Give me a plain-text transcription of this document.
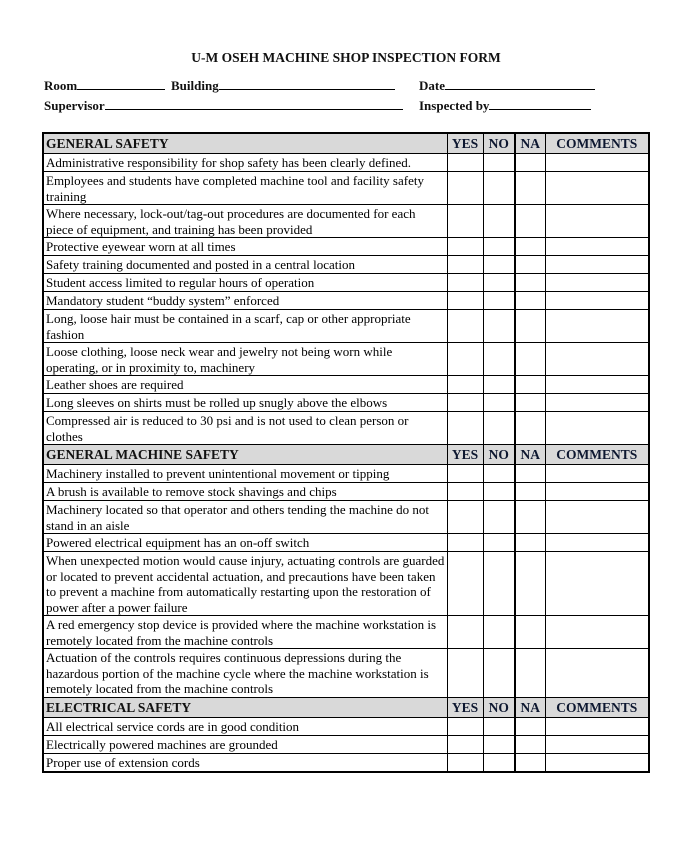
U-M OSEH MACHINE SHOP INSPECTION FORM
Room	Building	Date
Supervisor	Inspected by
GENERAL SAFETY	YES	NO	NA	COMMENTS
Administrative responsibility for shop safety has been clearly defined.				
Employees and students have completed machine tool and facility safety training				
Where necessary, lock-out/tag-out procedures are documented for each piece of equipment, and training has been provided				
Protective eyewear worn at all times				
Safety training documented and posted in a central location				
Student access limited to regular hours of operation				
Mandatory student “buddy system” enforced				
Long, loose hair must be contained in a scarf, cap or other appropriate fashion				
Loose clothing, loose neck wear and jewelry not being worn while operating, or in proximity to, machinery				
Leather shoes are required				
Long sleeves on shirts must be rolled up snugly above the elbows				
Compressed air is reduced to 30 psi and is not used to clean person or clothes				
GENERAL MACHINE SAFETY	YES	NO	NA	COMMENTS
Machinery installed to prevent unintentional movement or tipping				
A brush is available to remove stock shavings and chips				
Machinery located so that operator and others tending the machine do not stand in an aisle				
Powered electrical equipment has an on-off switch				
When unexpected motion would cause injury, actuating controls are guarded or located to prevent accidental actuation, and precautions have been taken to prevent a machine from automatically restarting upon the restoration of power after a power failure				
A red emergency stop device is provided where the machine workstation is remotely located from the machine controls				
Actuation of the controls requires continuous depressions during the hazardous portion of the machine cycle where the machine workstation is remotely located from the machine controls				
ELECTRICAL SAFETY	YES	NO	NA	COMMENTS
All electrical service cords are in good condition				
Electrically powered machines are grounded				
Proper use of extension cords				
